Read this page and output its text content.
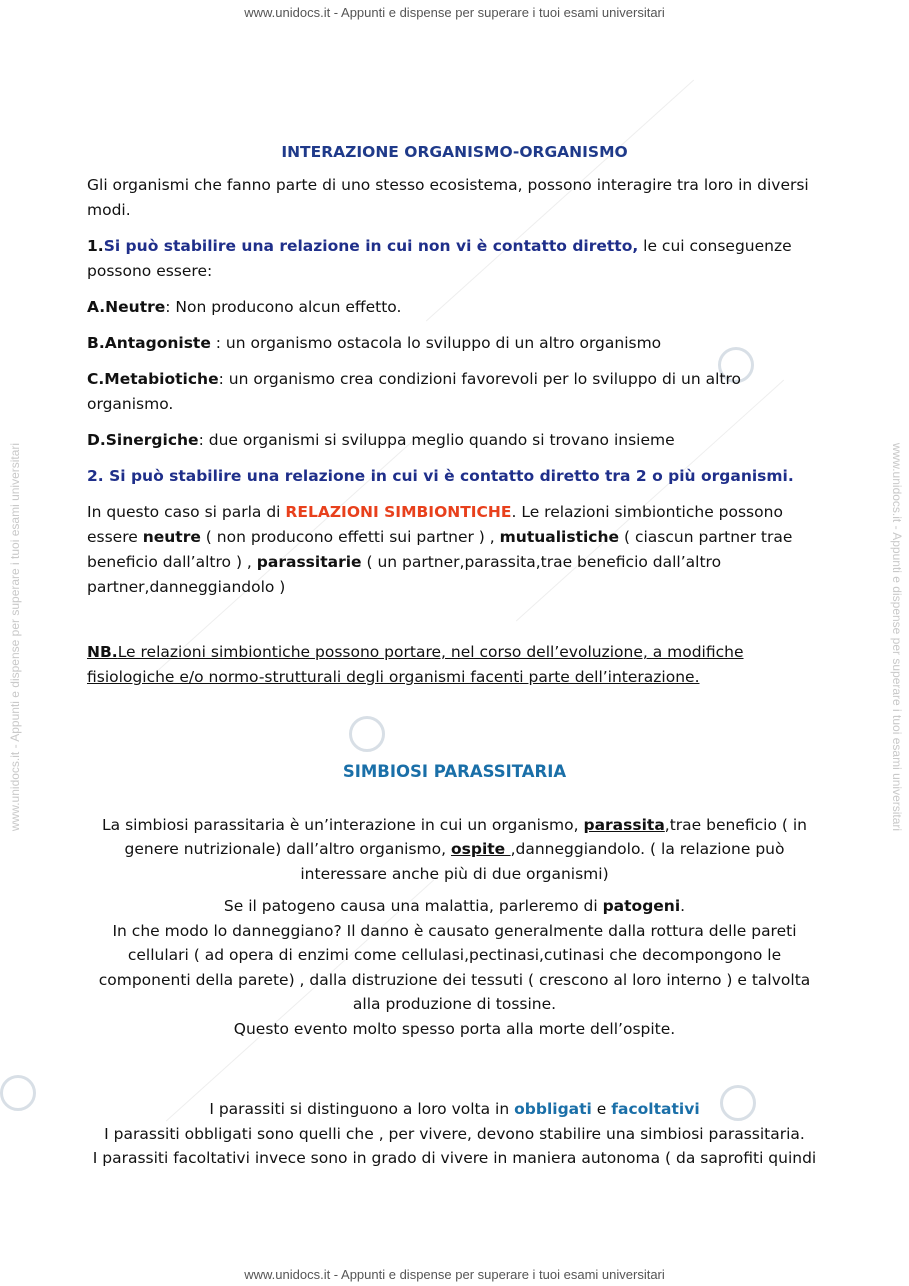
www.unidocs.it - Appunti e dispense per superare i tuoi esami universitari
www.unidocs.it - Appunti e dispense per superare i tuoi esami universitari
www.unidocs.it - Appunti e dispense per superare i tuoi esami universitari	www.unidocs.it - Appunti e dispense per superare i tuoi esami universitari
INTERAZIONE ORGANISMO-ORGANISMO

Gli organismi che fanno parte di uno stesso ecosistema, possono interagire tra loro in diversi modi.

1.Si può stabilire una relazione in cui non vi è contatto diretto, le cui conseguenze possono essere:

A.Neutre: Non producono alcun effetto.

B.Antagoniste : un organismo ostacola lo sviluppo di un altro organismo

C.Metabiotiche: un organismo crea condizioni favorevoli per lo sviluppo di un altro organismo.

D.Sinergiche: due organismi si sviluppa meglio quando si trovano insieme

2. Si può stabilire una relazione in cui vi è contatto diretto tra 2 o più organismi.

In questo caso si parla di RELAZIONI SIMBIONTICHE. Le relazioni simbiontiche possono essere neutre ( non producono effetti sui partner ) , mutualistiche ( ciascun partner trae beneficio dall’altro ) , parassitarie ( un partner,parassita,trae beneficio dall’altro partner,danneggiandolo )

NB.Le relazioni simbiontiche possono portare, nel corso dell’evoluzione, a modifiche fisiologiche e/o normo-strutturali degli organismi facenti parte dell’interazione.

SIMBIOSI PARASSITARIA

La simbiosi parassitaria è un’interazione in cui un organismo, parassita,trae beneficio ( in genere nutrizionale) dall’altro organismo, ospite ,danneggiandolo. ( la relazione può interessare anche più di due organismi)

Se il patogeno causa una malattia, parleremo di patogeni.

In che modo lo danneggiano? Il danno è causato generalmente dalla rottura delle pareti cellulari ( ad opera di enzimi come cellulasi,pectinasi,cutinasi che decompongono le componenti della parete) , dalla distruzione dei tessuti ( crescono al loro interno ) e talvolta alla produzione di tossine.

Questo evento molto spesso porta alla morte dell’ospite.

I parassiti si distinguono a loro volta in obbligati e facoltativi
I parassiti obbligati sono quelli che , per vivere, devono stabilire una simbiosi parassitaria.
I parassiti facoltativi invece sono in grado di vivere in maniera autonoma ( da saprofiti quindi
